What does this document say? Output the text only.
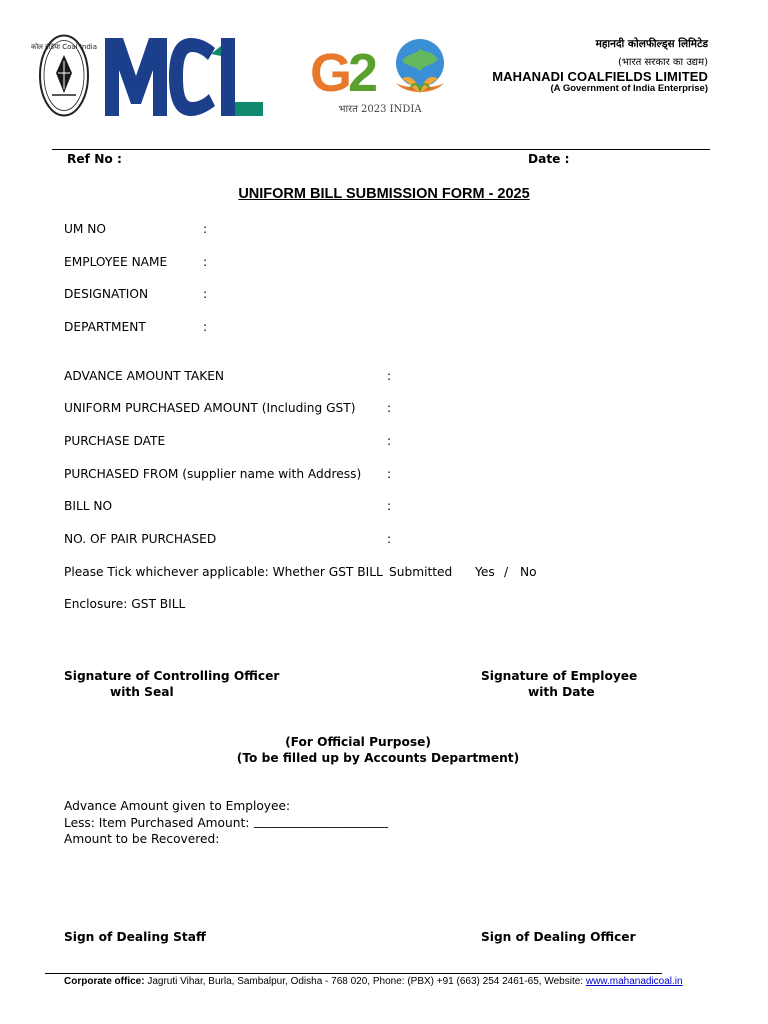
कोल इंडिया Coal India	G
2
भारत 2023 INDIA
महानदी कोलफील्ड्स लिमिटेड
(भारत सरकार का उद्यम)
MAHANADI COALFIELDS LIMITED
(A Government of India Enterprise)
Ref No :	Date :
UNIFORM BILL SUBMISSION FORM - 2025
UM NO	:
EMPLOYEE NAME	:
DESIGNATION	:
DEPARTMENT	:
ADVANCE AMOUNT TAKEN	:
UNIFORM PURCHASED AMOUNT (Including GST)	:
PURCHASE DATE	:
PURCHASED FROM (supplier name with Address) :
BILL NO	:
NO. OF PAIR PURCHASED	:
Please Tick whichever applicable: Whether GST BILL Submitted Yes / No
Enclosure: GST BILL
Signature of Controlling Officer
with Seal
Signature of Employee
with Date
(For Official Purpose)
(To be filled up by Accounts Department)
Advance Amount given to Employee:
Less: Item Purchased Amount: ______________________
Amount to be Recovered:
Sign of Dealing Staff	Sign of Dealing Officer
Corporate office: Jagruti Vihar, Burla, Sambalpur, Odisha - 768 020, Phone: (PBX) +91 (663) 254 2461-65, Website: www.mahanadicoal.in
